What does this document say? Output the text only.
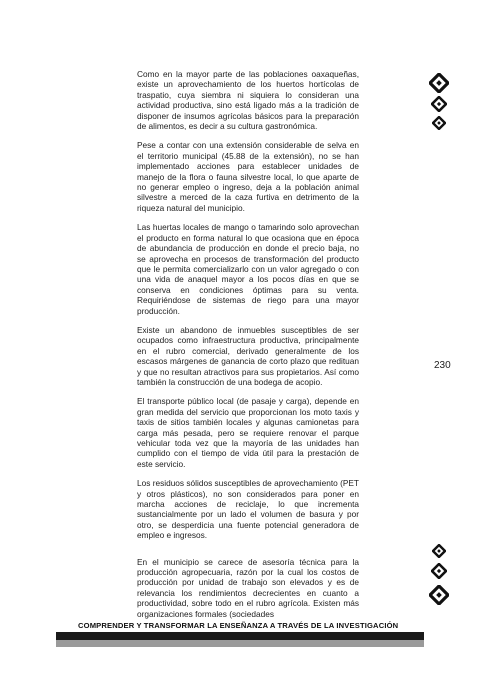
Como en la mayor parte de las poblaciones oaxaqueñas, existe un aprovechamiento de los huertos hortícolas de traspatio, cuya siembra ni siquiera lo consideran una actividad productiva, sino está ligado más a la tradición de disponer de insumos agrícolas básicos para la preparación de alimentos, es decir a su cultura gastronómica.

Pese a contar con una extensión considerable de selva en el territorio municipal (45.88 de la extensión), no se han implementado acciones para establecer unidades de manejo de la flora o fauna silvestre local, lo que aparte de no generar empleo o ingreso, deja a la población animal silvestre a merced de la caza furtiva en detrimento de la riqueza natural del municipio.

Las huertas locales de mango o tamarindo solo aprovechan el producto en forma natural lo que ocasiona que en época de abundancia de producción en donde el precio baja, no se aprovecha en procesos de transformación del producto que le permita comercializarlo con un valor agregado o con una vida de anaquel mayor a los pocos días en que se conserva en condiciones óptimas para su venta. Requiriéndose de sistemas de riego para una mayor producción.

Existe un abandono de inmuebles susceptibles de ser ocupados como infraestructura productiva, principalmente en el rubro comercial, derivado generalmente de los escasos márgenes de ganancia de corto plazo que redituan y que no resultan atractivos para sus propietarios. Así como también la construcción de una bodega de acopio.

El transporte público local (de pasaje y carga), depende en gran medida del servicio que proporcionan los moto taxis y taxis de sitios también locales y algunas camionetas para carga más pesada, pero se requiere renovar el parque vehicular toda vez que la mayoría de las unidades han cumplido con el tiempo de vida útil para la prestación de este servicio.

Los residuos sólidos susceptibles de aprovechamiento (PET y otros plásticos), no son considerados para poner en marcha acciones de reciclaje, lo que incrementa sustancialmente por un lado el volumen de basura y por otro, se desperdicia una fuente potencial generadora de empleo e ingresos.

En el municipio se carece de asesoría técnica para la producción agropecuaria, razón por la cual los costos de producción por unidad de trabajo son elevados y es de relevancia los rendimientos decrecientes en cuanto a productividad, sobre todo en el rubro agrícola. Existen más organizaciones formales (sociedades

230
COMPRENDER Y TRANSFORMAR LA ENSEÑANZA A TRAVÉS DE LA INVESTIGACIÓN
